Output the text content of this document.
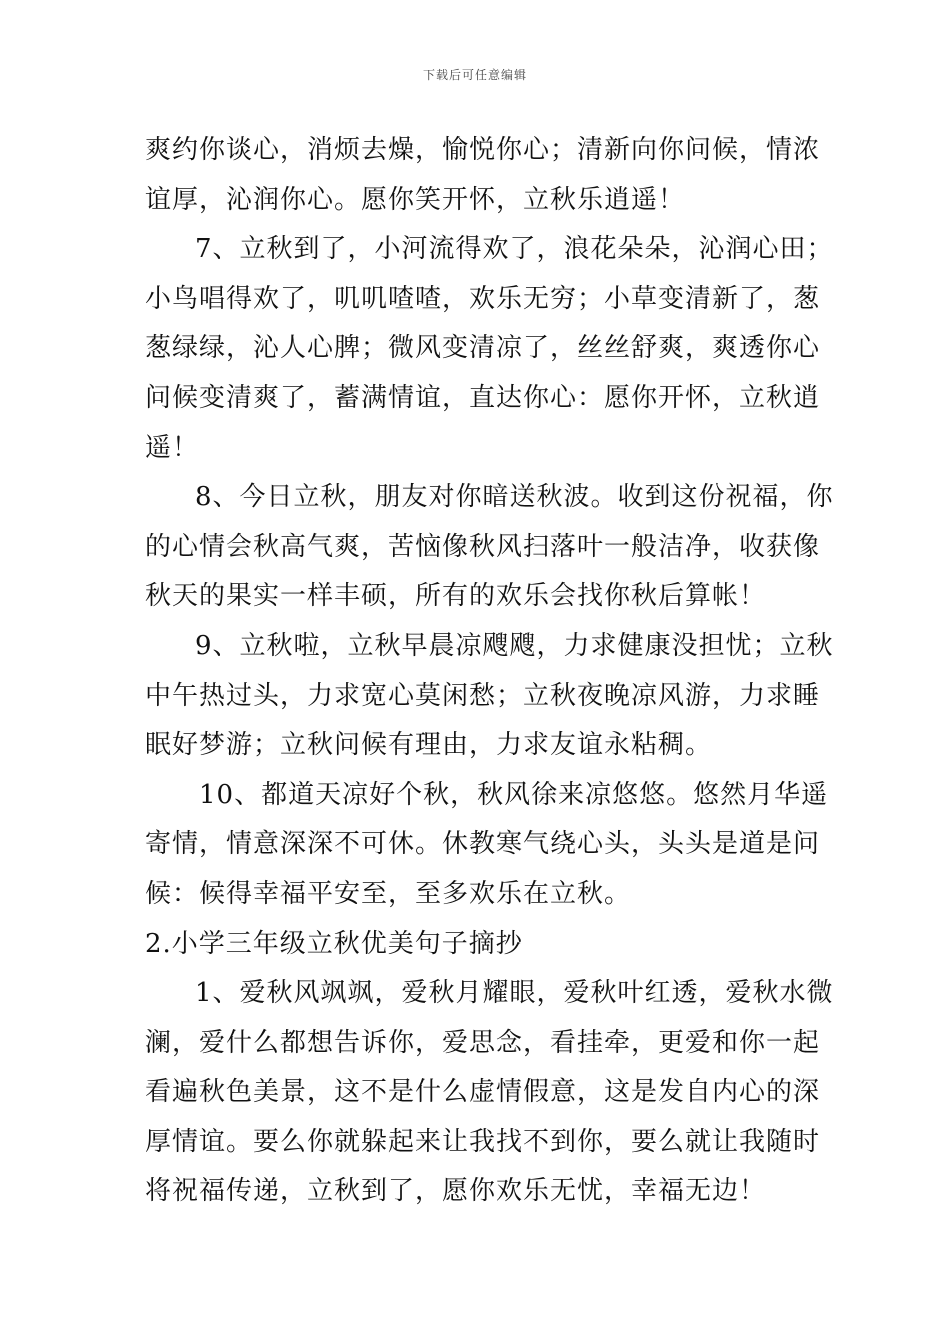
下载后可任意编辑
爽约你谈心，消烦去燥，愉悦你心；清新向你问候，情浓
谊厚，沁润你心。愿你笑开怀，立秋乐逍遥！
7、立秋到了，小河流得欢了，浪花朵朵，沁润心田；
小鸟唱得欢了，叽叽喳喳，欢乐无穷；小草变清新了，葱
葱绿绿，沁人心脾；微风变清凉了，丝丝舒爽，爽透你心
问候变清爽了，蓄满情谊，直达你心：愿你开怀，立秋逍
遥！
8、今日立秋，朋友对你暗送秋波。收到这份祝福，你
的心情会秋高气爽，苦恼像秋风扫落叶一般洁净，收获像
秋天的果实一样丰硕，所有的欢乐会找你秋后算帐！
9、立秋啦，立秋早晨凉飕飕，力求健康没担忧；立秋
中午热过头，力求宽心莫闲愁；立秋夜晚凉风游，力求睡
眠好梦游；立秋问候有理由，力求友谊永粘稠。
10、都道天凉好个秋，秋风徐来凉悠悠。悠然月华遥
寄情，情意深深不可休。休教寒气绕心头，头头是道是问
候：候得幸福平安至，至多欢乐在立秋。
2.小学三年级立秋优美句子摘抄
1、爱秋风飒飒，爱秋月耀眼，爱秋叶红透，爱秋水微
澜，爱什么都想告诉你，爱思念，看挂牵，更爱和你一起
看遍秋色美景，这不是什么虚情假意，这是发自内心的深
厚情谊。要么你就躲起来让我找不到你，要么就让我随时
将祝福传递，立秋到了，愿你欢乐无忧，幸福无边！
